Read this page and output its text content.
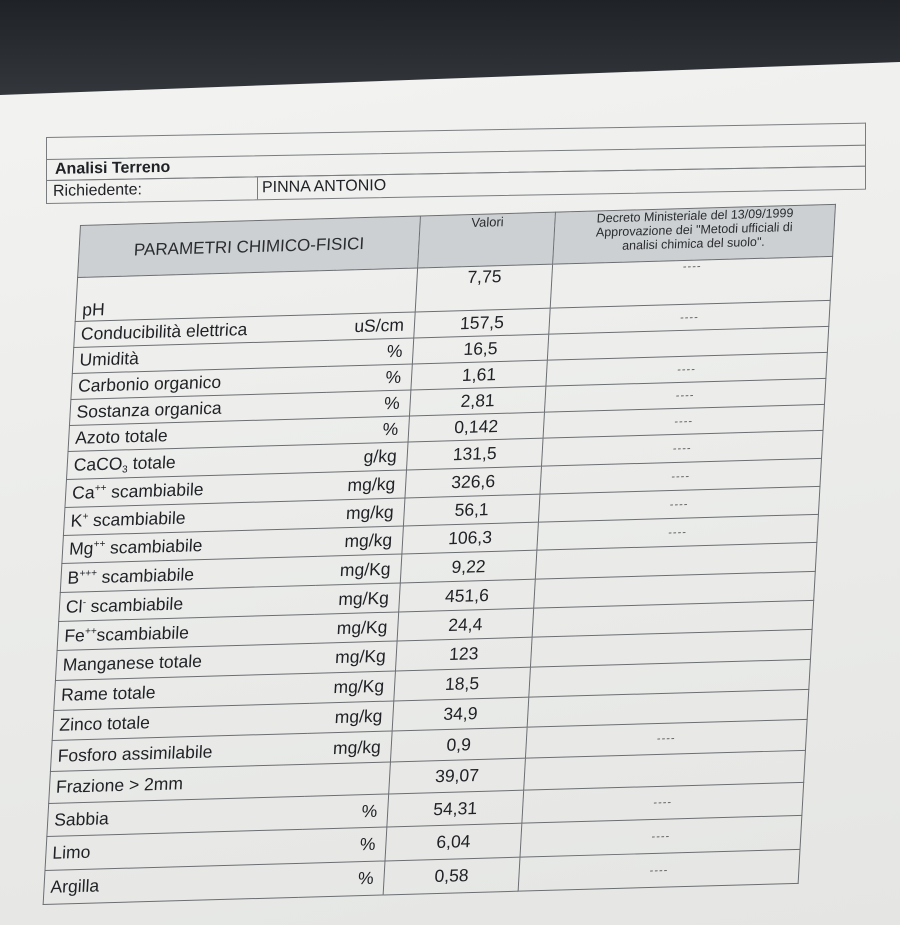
Analisi Terreno
Richiedente:	PINNA ANTONIO
PARAMETRI CHIMICO-FISICI		Valori	Decreto Ministeriale del 13/09/1999
Approvazione dei "Metodi ufficiali di
analisi chimica del suolo".

pH		7,75	----
Conducibilità elettrica	uS/cm	157,5	----
Umidità	%	16,5	
Carbonio organico	%	1,61	----
Sostanza organica	%	2,81	----
Azoto totale	%	0,142	----
CaCO$_3$ totale	g/kg	131,5	----
Ca++ scambiabile	mg/kg	326,6	----
K+ scambiabile	mg/kg	56,1	----
Mg++ scambiabile	mg/kg	106,3	----
B+++ scambiabile	mg/Kg	9,22	
Cl- scambiabile	mg/Kg	451,6	
Fe++scambiabile	mg/Kg	24,4	
Manganese totale	mg/Kg	123	
Rame totale	mg/Kg	18,5	
Zinco totale	mg/kg	34,9	
Fosforo assimilabile	mg/kg	0,9	----
Frazione > 2mm		39,07	
Sabbia	%	54,31	----
Limo	%	6,04	----
Argilla	%	0,58	----
